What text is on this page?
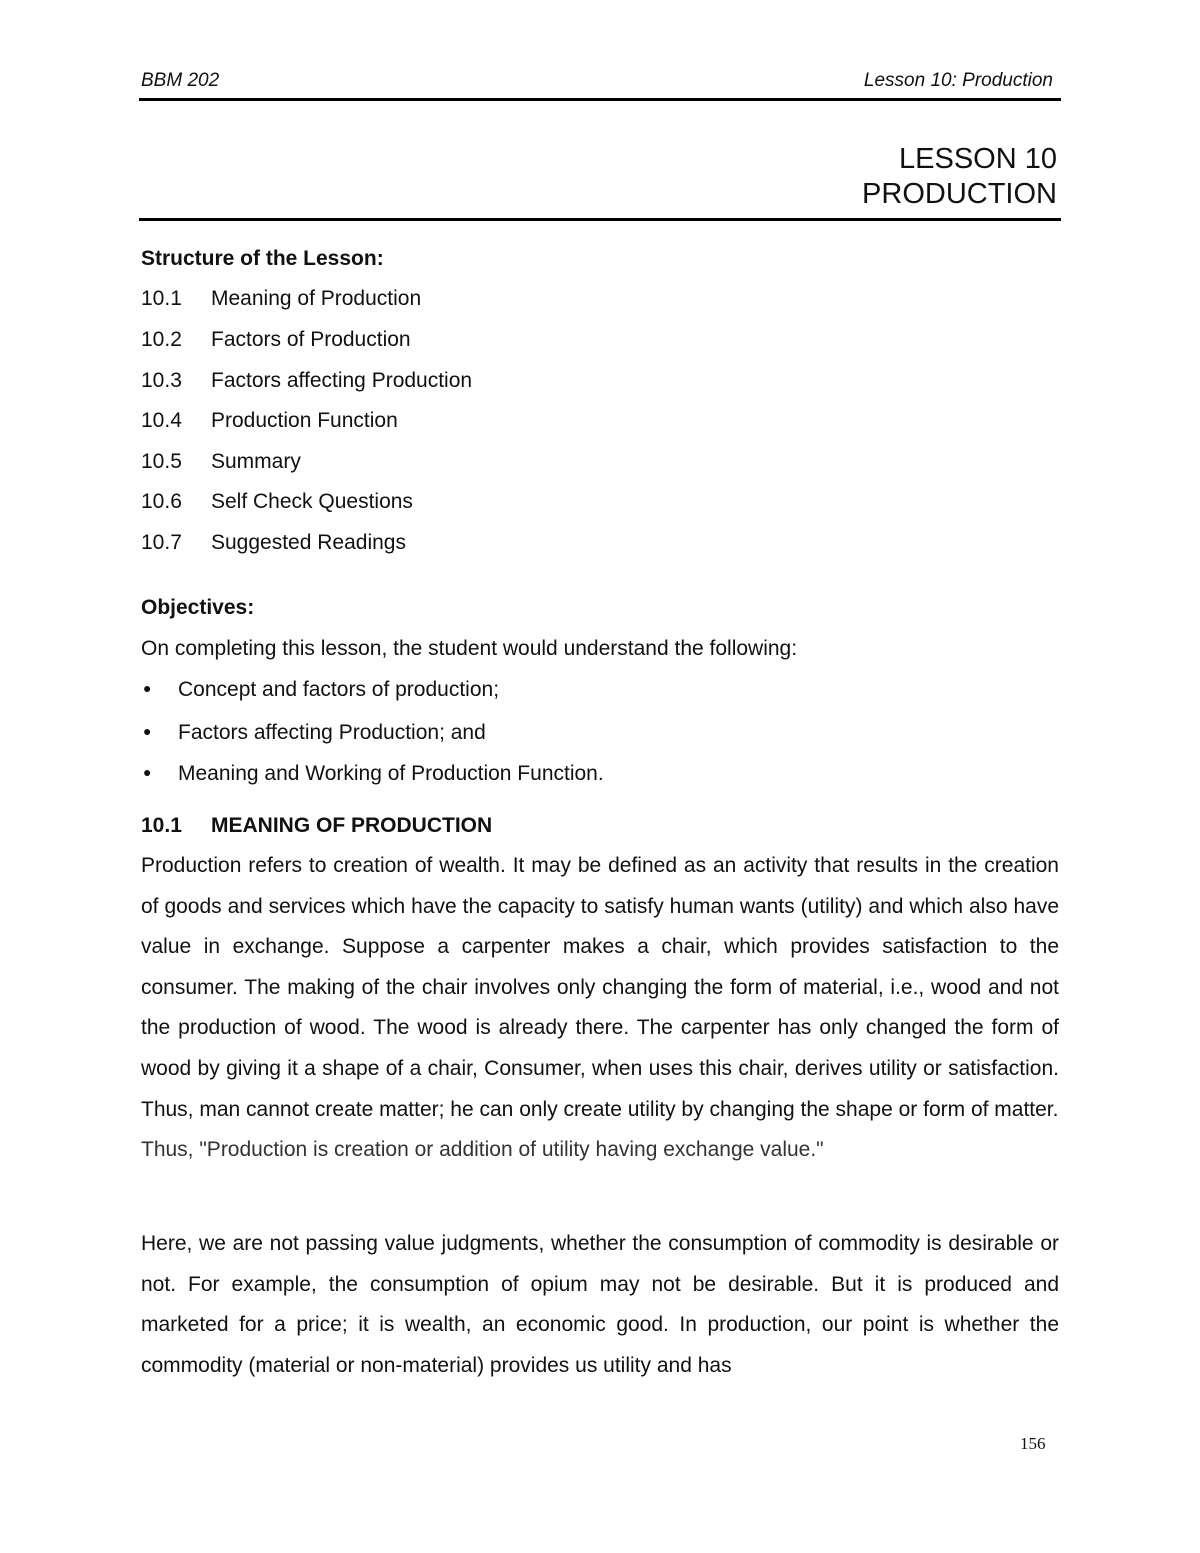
BBM 202	Lesson 10: Production
LESSON 10
PRODUCTION
Structure of the Lesson:
10.1 Meaning of Production
10.2 Factors of Production
10.3 Factors affecting Production
10.4 Production Function
10.5 Summary
10.6 Self Check Questions
10.7 Suggested Readings
Objectives:
On completing this lesson, the student would understand the following:
● Concept and factors of production;
● Factors affecting Production; and
● Meaning and Working of Production Function.
10.1 MEANING OF PRODUCTION

Production refers to creation of wealth. It may be defined as an activity that results in the creation of goods and services which have the capacity to satisfy human wants (utility) and which also have value in exchange. Suppose a carpenter makes a chair, which provides satisfaction to the consumer. The making of the chair involves only changing the form of material, i.e., wood and not the production of wood. The wood is already there. The carpenter has only changed the form of wood by giving it a shape of a chair, Consumer, when uses this chair, derives utility or satisfaction. Thus, man cannot create matter; he can only create utility by changing the shape or form of matter.

Thus, "Production is creation or addition of utility having exchange value."

Here, we are not passing value judgments, whether the consumption of commodity is desirable or not. For example, the consumption of opium may not be desirable. But it is produced and marketed for a price; it is wealth, an economic good. In production, our point is whether the commodity (material or non-material) provides us utility and has

156
